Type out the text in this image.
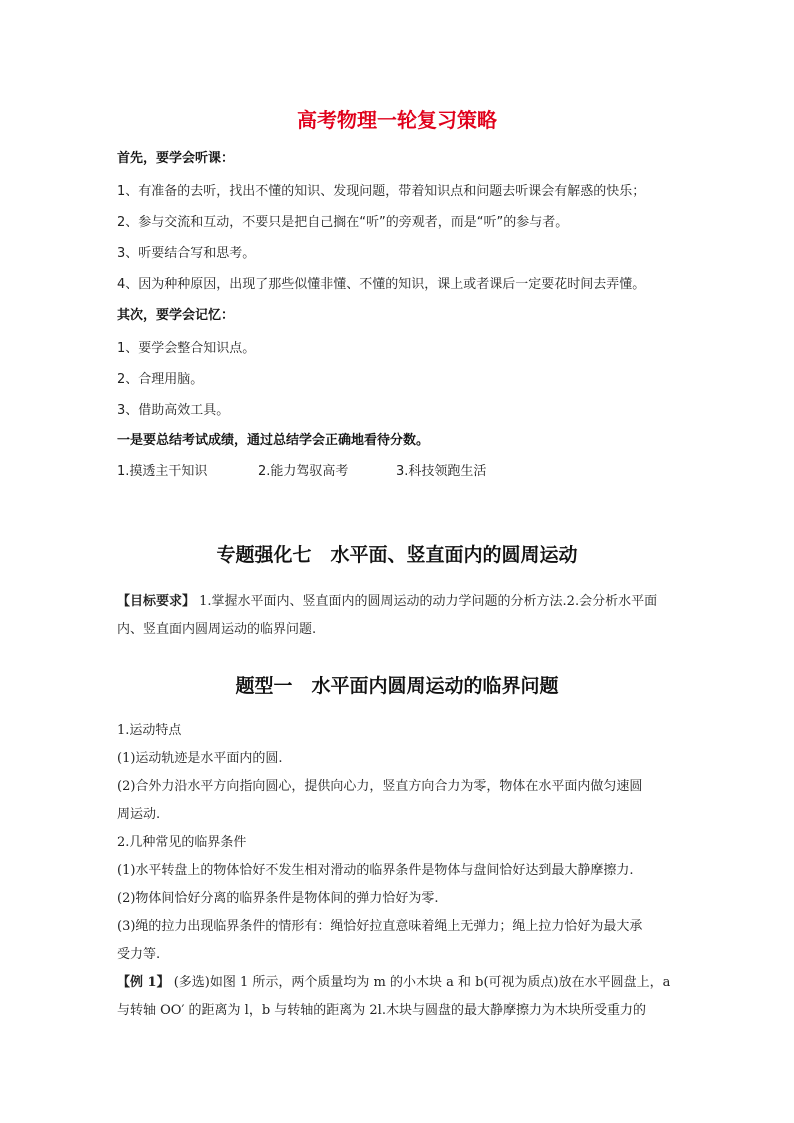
高考物理一轮复习策略
首先，要学会听课：
1、有准备的去听，找出不懂的知识、发现问题，带着知识点和问题去听课会有解惑的快乐；
2、参与交流和互动，不要只是把自己搁在“听”的旁观者，而是“听”的参与者。
3、听要结合写和思考。
4、因为种种原因，出现了那些似懂非懂、不懂的知识，课上或者课后一定要花时间去弄懂。
其次，要学会记忆：
1、要学会整合知识点。
2、合理用脑。
3、借助高效工具。
一是要总结考试成绩，通过总结学会正确地看待分数。
1.摸透主干知识	2.能力驾驭高考	3.科技领跑生活
专题强化七　水平面、竖直面内的圆周运动
【目标要求】 1.掌握水平面内、竖直面内的圆周运动的动力学问题的分析方法.2.会分析水平面
内、竖直面内圆周运动的临界问题.
题型一　水平面内圆周运动的临界问题
1.运动特点
(1)运动轨迹是水平面内的圆.
(2)合外力沿水平方向指向圆心，提供向心力，竖直方向合力为零，物体在水平面内做匀速圆
周运动.
2.几种常见的临界条件
(1)水平转盘上的物体恰好不发生相对滑动的临界条件是物体与盘间恰好达到最大静摩擦力.
(2)物体间恰好分离的临界条件是物体间的弹力恰好为零.
(3)绳的拉力出现临界条件的情形有：绳恰好拉直意味着绳上无弹力；绳上拉力恰好为最大承
受力等.
【例 1】 (多选)如图 1 所示，两个质量均为 m 的小木块 a 和 b(可视为质点)放在水平圆盘上，a
与转轴 OO′ 的距离为 l，b 与转轴的距离为 2l.木块与圆盘的最大静摩擦力为木块所受重力的
